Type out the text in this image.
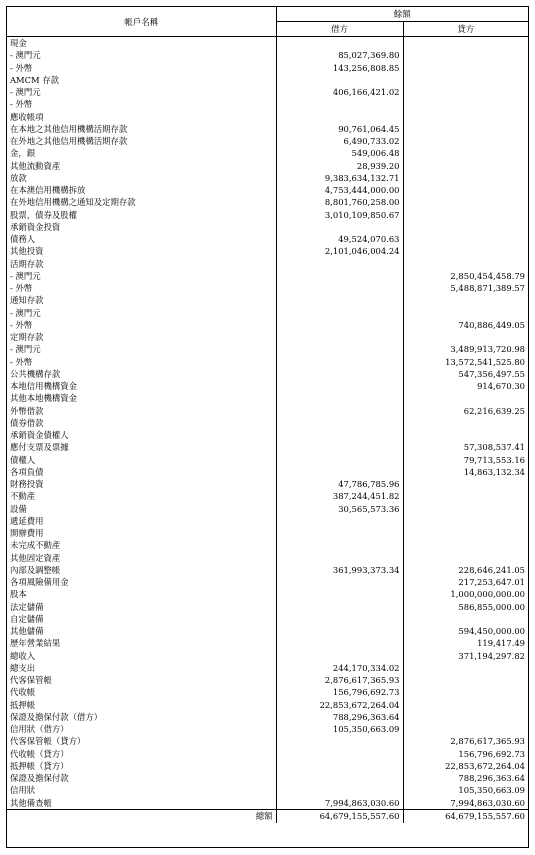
帳戶名稱	餘額	
	借方	貸方
現金		
- 澳門元	85,027,369.80	
- 外幣	143,256,808.85	
AMCM 存款		
- 澳門元	406,166,421.02	
- 外幣		
應收帳項		
在本地之其他信用機構活期存款	90,761,064.45	
在外地之其他信用機構活期存款	6,490,733.02	
金，銀	549,006.48	
其他流動資產	28,939.20	
放款	9,383,634,132.71	
在本澳信用機構拆放	4,753,444,000.00	
在外地信用機構之通知及定期存款	8,801,760,258.00	
股票，債券及股權	3,010,109,850.67	
承銷資金投資		
債務人	49,524,070.63	
其他投資	2,101,046,004.24	
活期存款		
- 澳門元		2,850,454,458.79
- 外幣		5,488,871,389.57
通知存款		
- 澳門元		
- 外幣		740,886,449.05
定期存款		
- 澳門元		3,489,913,720.98
- 外幣		13,572,541,525.80
公共機構存款		547,356,497.55
本地信用機構資金		914,670.30
其他本地機構資金		
外幣借款		62,216,639.25
債券借款		
承銷資金債權人		
應付支票及票據		57,308,537.41
債權人		79,713,553.16
各項負債		14,863,132.34
財務投資	47,786,785.96	
不動產	387,244,451.82	
設備	30,565,573.36	
遞延費用		
開辦費用		
未完成不動產		
其他固定資產		
內部及調整帳	361,993,373.34	228,646,241.05
各項風險備用金		217,253,647.01
股本		1,000,000,000.00
法定儲備		586,855,000.00
自定儲備		
其他儲備		594,450,000.00
歷年營業結果		119,417.49
總收入		371,194,297.82
總支出	244,170,334.02	
代客保管帳	2,876,617,365.93	
代收帳	156,796,692.73	
抵押帳	22,853,672,264.04	
保證及擔保付款（借方）	788,296,363.64	
信用狀（借方）	105,350,663.09	
代客保管帳（貸方）		2,876,617,365.93
代收帳（貸方）		156,796,692.73
抵押帳（貸方）		22,853,672,264.04
保證及擔保付款		788,296,363.64
信用狀		105,350,663.09
其他備查帳	7,994,863,030.60	7,994,863,030.60
總額	64,679,155,557.60	64,679,155,557.60
